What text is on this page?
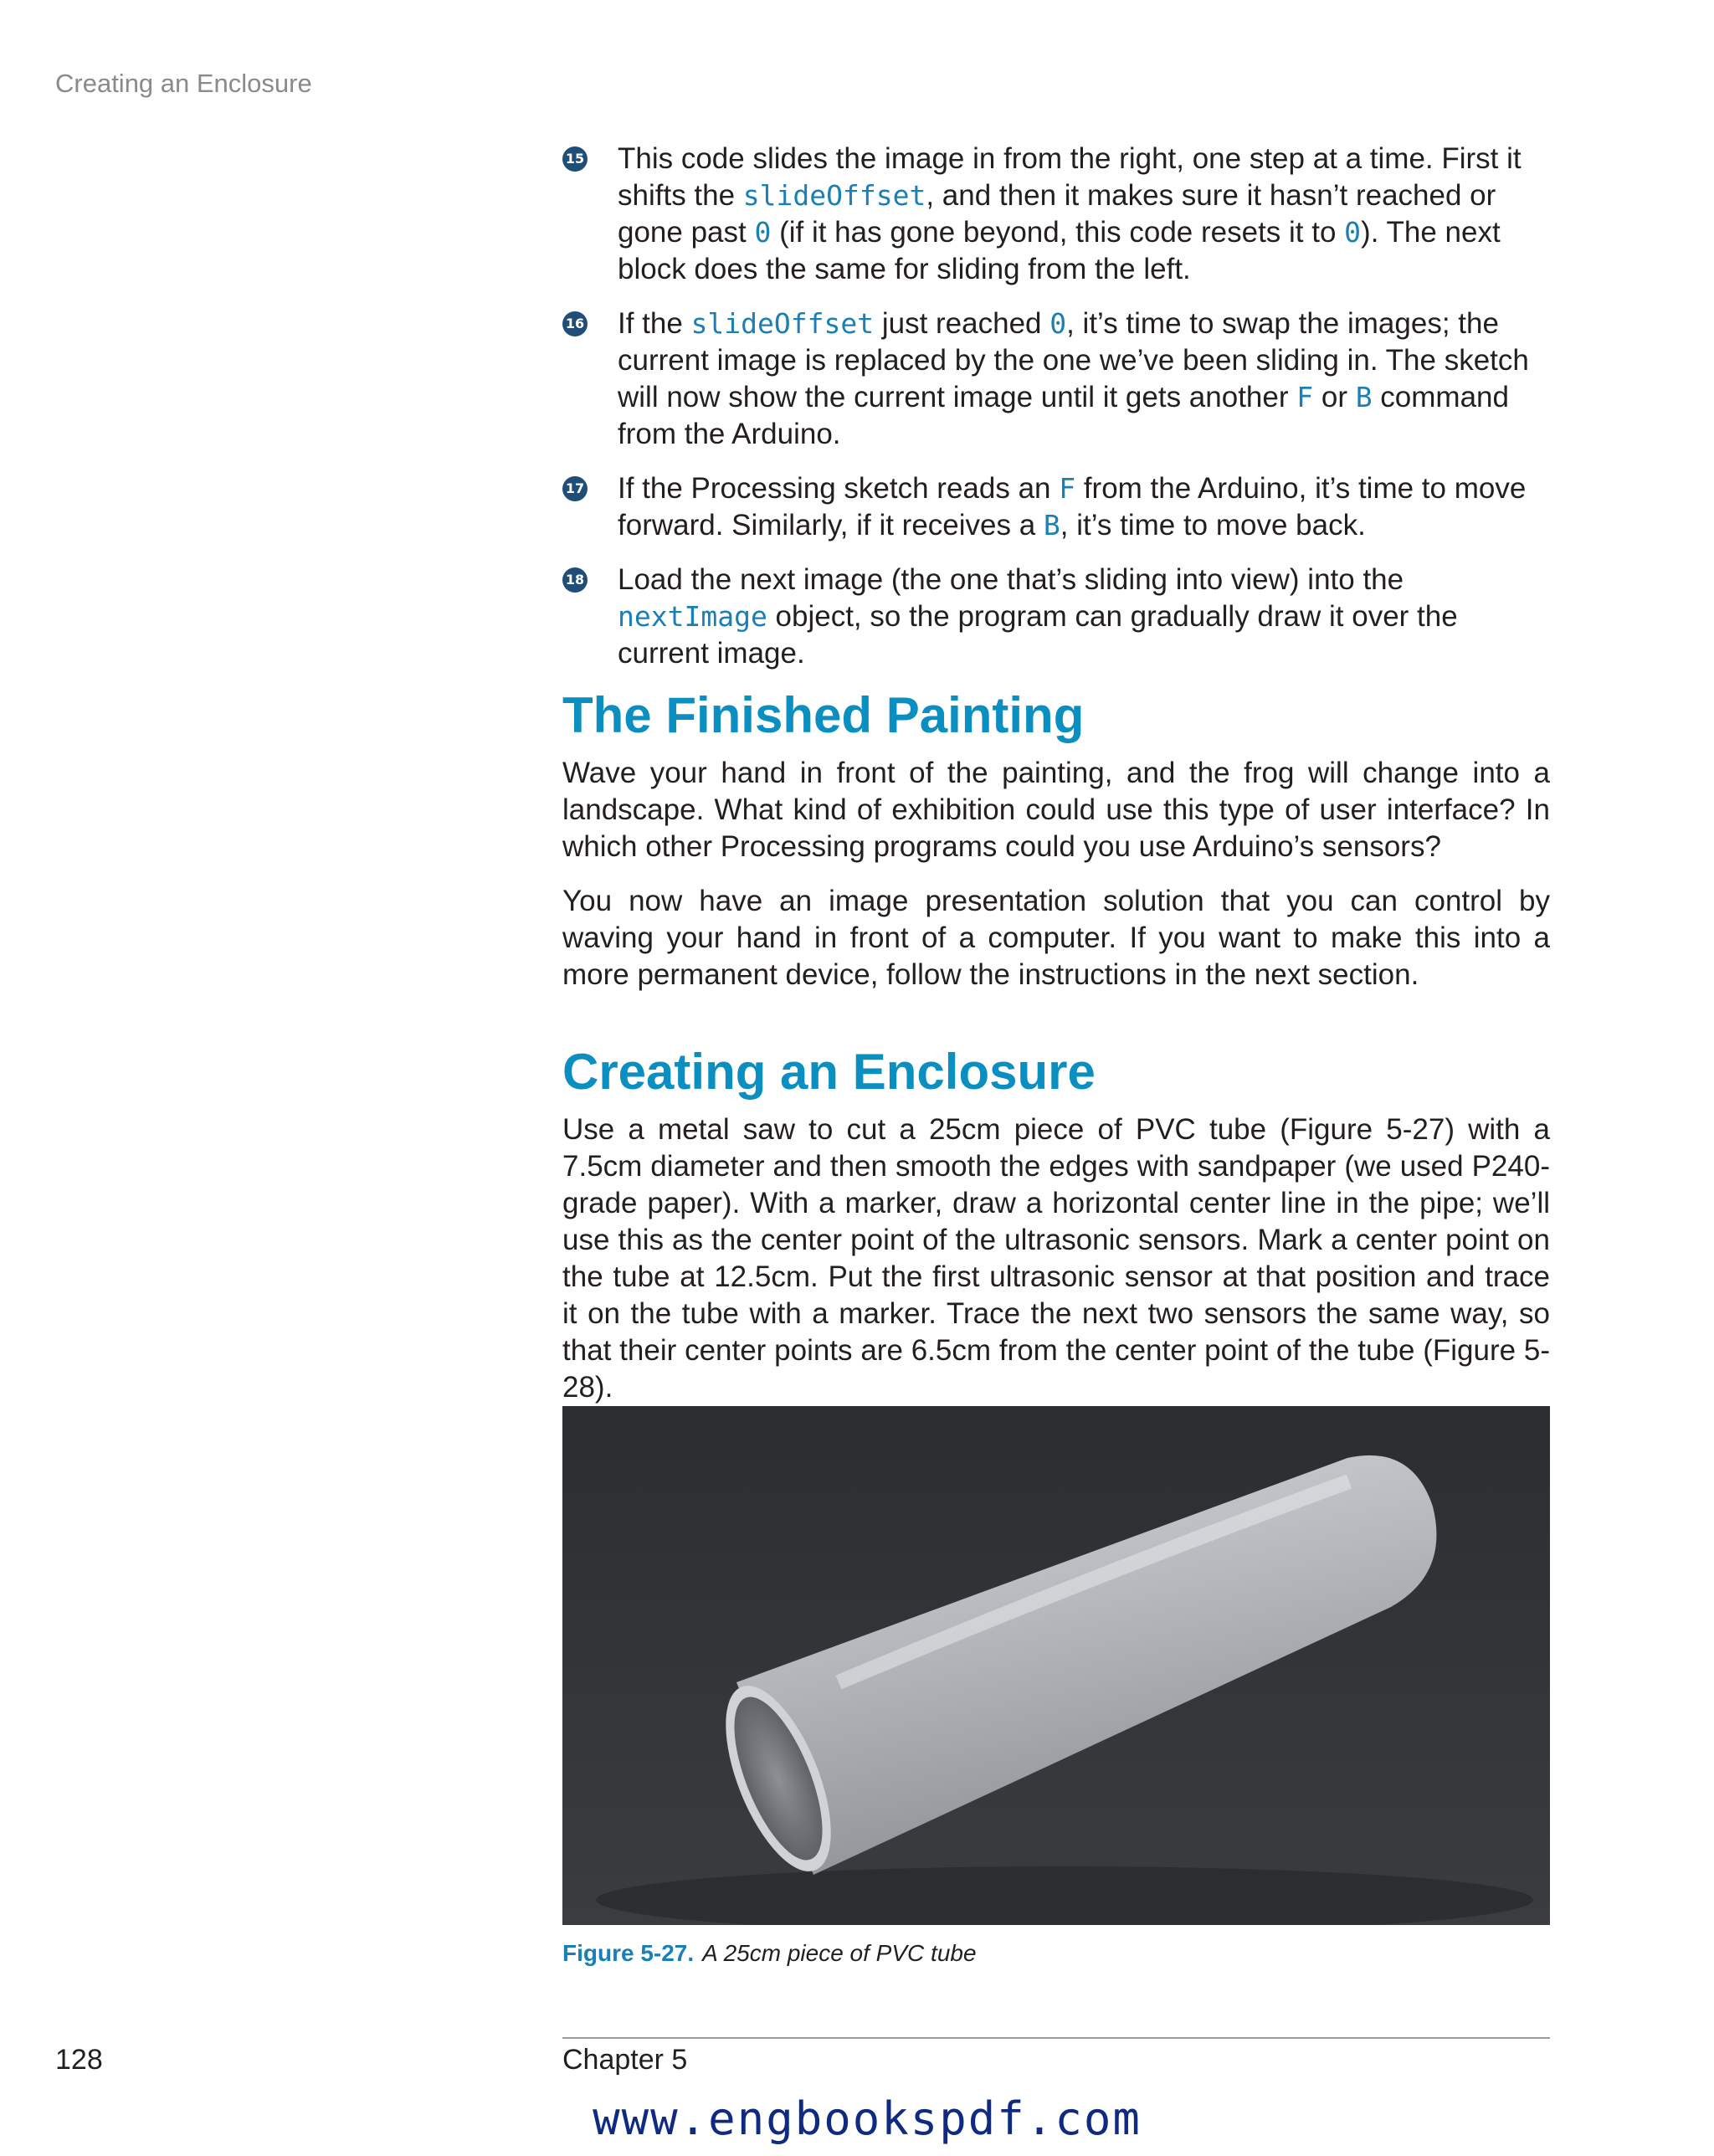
Creating an Enclosure
15 This code slides the image in from the right, one step at a time. First it shifts the slideOffset, and then it makes sure it hasn’t reached or gone past 0 (if it has gone beyond, this code resets it to 0). The next block does the same for sliding from the left.
16 If the slideOffset just reached 0, it’s time to swap the images; the current image is replaced by the one we’ve been sliding in. The sketch will now show the current image until it gets another F or B command from the Arduino.
17 If the Processing sketch reads an F from the Arduino, it’s time to move forward. Similarly, if it receives a B, it’s time to move back.
18 Load the next image (the one that’s sliding into view) into the nextImage object, so the program can gradually draw it over the current image.
The Finished Painting

Wave your hand in front of the painting, and the frog will change into a landscape. What kind of exhibition could use this type of user interface? In which other Processing programs could you use Arduino’s sensors?

You now have an image presentation solution that you can control by waving your hand in front of a computer. If you want to make this into a more permanent device, follow the instructions in the next section.

Creating an Enclosure

Use a metal saw to cut a 25cm piece of PVC tube (Figure 5-27) with a 7.5cm diameter and then smooth the edges with sandpaper (we used P240-grade paper). With a marker, draw a horizontal center line in the pipe; we’ll use this as the center point of the ultrasonic sensors. Mark a center point on the tube at 12.5cm. Put the first ultrasonic sensor at that position and trace it on the tube with a marker. Trace the next two sensors the same way, so that their center points are 6.5cm from the center point of the tube (Figure 5-28).

Figure 5-27. A 25cm piece of PVC tube
128	Chapter 5
www.engbookspdf.com
